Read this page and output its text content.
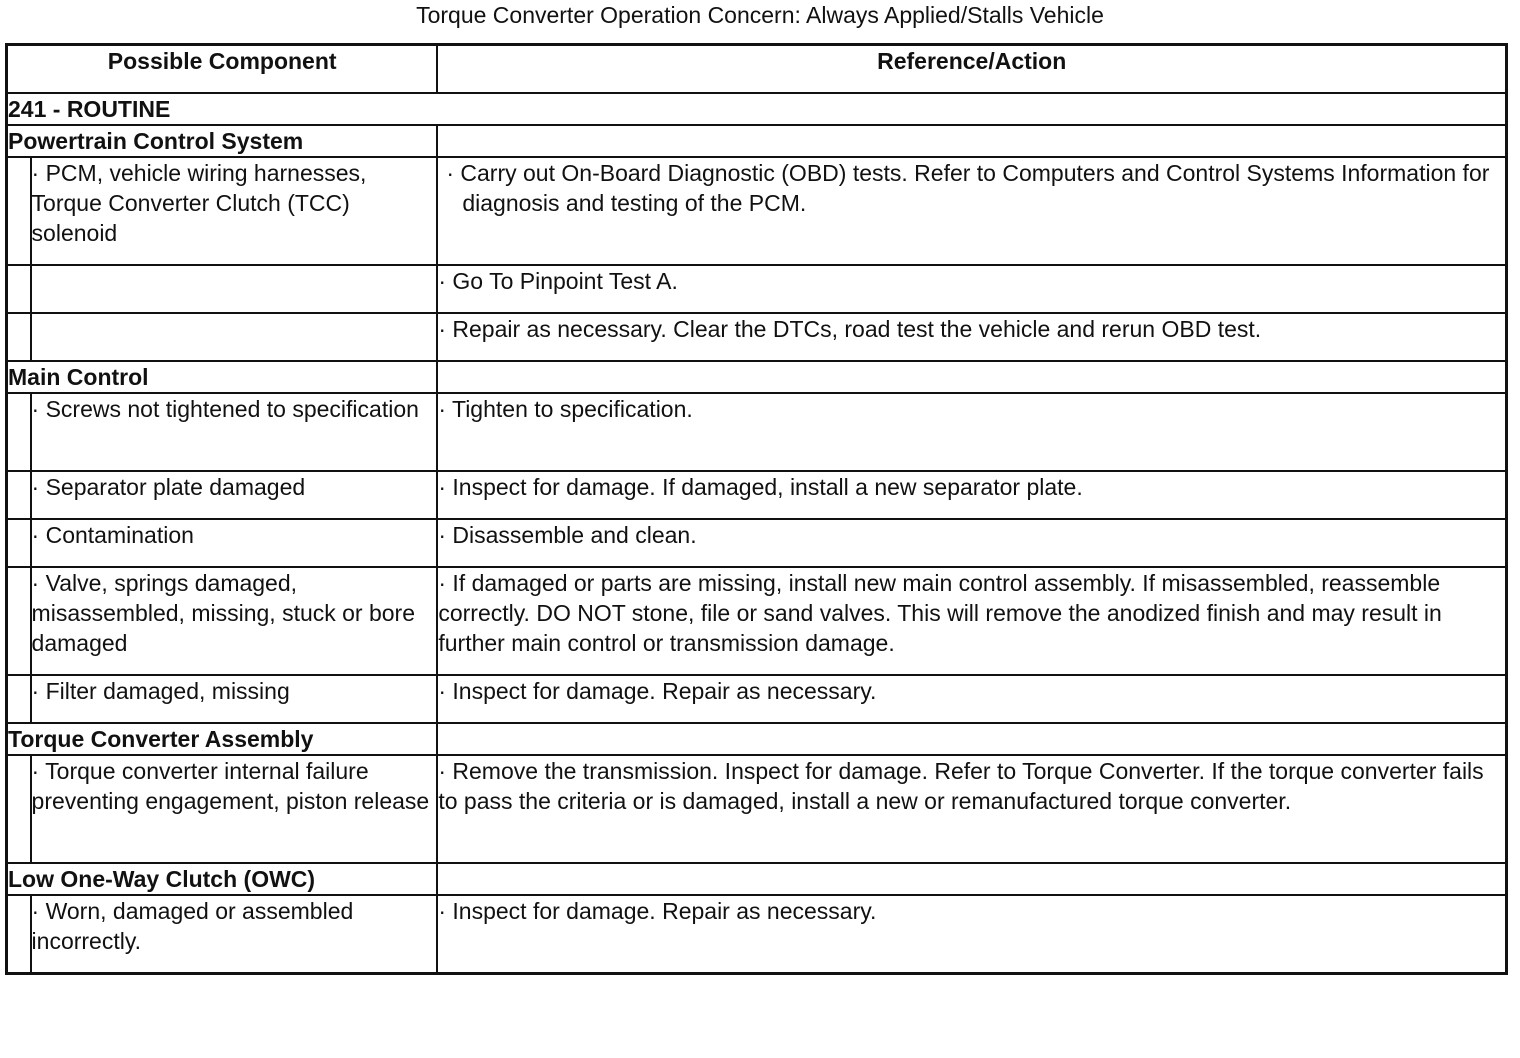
Torque Converter Operation Concern: Always Applied/Stalls Vehicle
Possible Component		Reference/Action
241 - ROUTINE		
Powertrain Control System		
	· PCM, vehicle wiring harnesses, Torque Converter Clutch (TCC) solenoid	· Carry out On-Board Diagnostic (OBD) tests. Refer to Computers and Control Systems Information for diagnosis and testing of the PCM.
		· Go To Pinpoint Test A.
		· Repair as necessary. Clear the DTCs, road test the vehicle and rerun OBD test.
Main Control		
	· Screws not tightened to specification	· Tighten to specification.
	· Separator plate damaged	· Inspect for damage. If damaged, install a new separator plate.
	· Contamination	· Disassemble and clean.
	· Valve, springs damaged, misassembled, missing, stuck or bore damaged	· If damaged or parts are missing, install new main control assembly. If misassembled, reassemble correctly. DO NOT stone, file or sand valves. This will remove the anodized finish and may result in further main control or transmission damage.
	· Filter damaged, missing	· Inspect for damage. Repair as necessary.
Torque Converter Assembly		
	· Torque converter internal failure preventing engagement, piston release	· Remove the transmission. Inspect for damage. Refer to Torque Converter. If the torque converter fails to pass the criteria or is damaged, install a new or remanufactured torque converter.
Low One-Way Clutch (OWC)		
	· Worn, damaged or assembled incorrectly.	· Inspect for damage. Repair as necessary.
